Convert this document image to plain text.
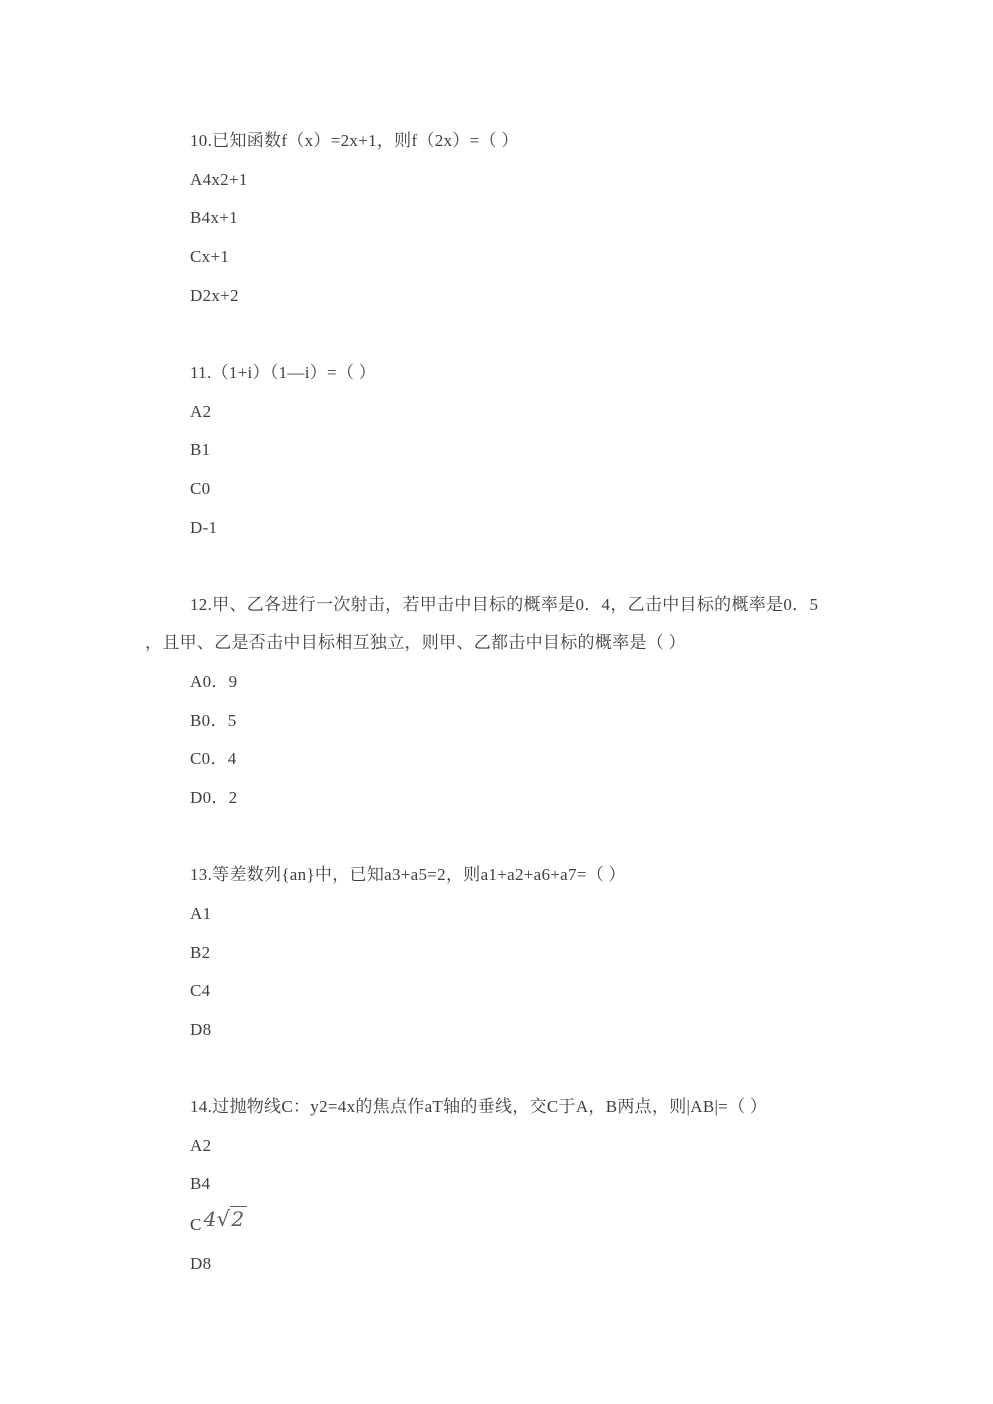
10.已知函数f（x）=2x+1，则f（2x）=（ ）
A4x2+1
B4x+1
Cx+1
D2x+2
11.（1+i）（1—i）=（ ）
A2
B1
C0
D-1
12.甲、乙各进行一次射击，若甲击中目标的概率是0．4，乙击中目标的概率是0．5
，且甲、乙是否击中目标相互独立，则甲、乙都击中目标的概率是（ ）
A0．9
B0．5
C0．4
D0．2
13.等差数列{an}中，已知a3+a5=2，则a1+a2+a6+a7=（ ）
A1
B2
C4
D8
14.过抛物线C：y2=4x的焦点作aT轴的垂线，交C于A，B两点，则|AB|=（ ）
A2
B4
C 4√2
D8
